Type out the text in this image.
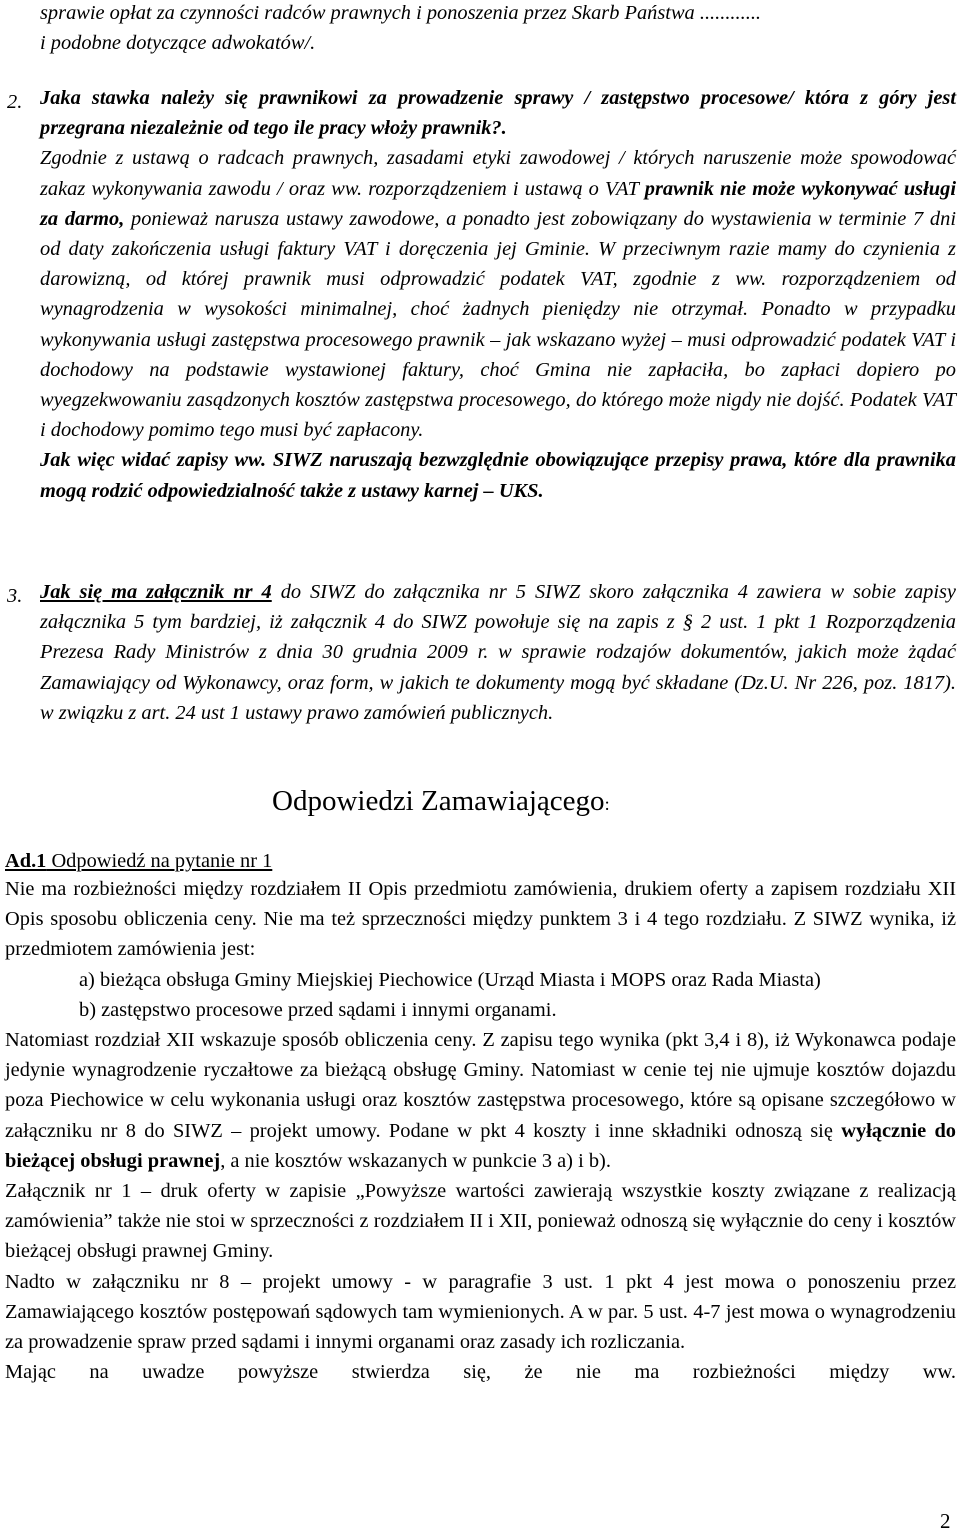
sprawie opłat za czynności radców prawnych i ponoszenia przez Skarb Państwa ............

i podobne dotyczące adwokatów/.

2. Jaka stawka należy się prawnikowi za prowadzenie sprawy / zastępstwo procesowe/ która z góry jest przegrana niezależnie od tego ile pracy włoży prawnik?.

Zgodnie z ustawą o radcach prawnych, zasadami etyki zawodowej / których naruszenie może spowodować zakaz wykonywania zawodu / oraz ww. rozporządzeniem i ustawą o VAT prawnik nie może wykonywać usługi za darmo, ponieważ narusza ustawy zawodowe, a ponadto jest zobowiązany do wystawienia w terminie 7 dni od daty zakończenia usługi faktury VAT i doręczenia jej Gminie. W przeciwnym razie mamy do czynienia z darowizną, od której prawnik musi odprowadzić podatek VAT, zgodnie z ww. rozporządzeniem od wynagrodzenia w wysokości minimalnej, choć żadnych pieniędzy nie otrzymał. Ponadto w przypadku wykonywania usługi zastępstwa procesowego prawnik – jak wskazano wyżej – musi odprowadzić podatek VAT i dochodowy na podstawie wystawionej faktury, choć Gmina nie zapłaciła, bo zapłaci dopiero po wyegzekwowaniu zasądzonych kosztów zastępstwa procesowego, do którego może nigdy nie dojść. Podatek VAT i dochodowy pomimo tego musi być zapłacony.

Jak więc widać zapisy ww. SIWZ naruszają bezwzględnie obowiązujące przepisy prawa, które dla prawnika mogą rodzić odpowiedzialność także z ustawy karnej – UKS.

3. Jak się ma załącznik nr 4 do SIWZ do załącznika nr 5 SIWZ skoro załącznika 4 zawiera w sobie zapisy załącznika 5 tym bardziej, iż załącznik 4 do SIWZ powołuje się na zapis z § 2 ust. 1 pkt 1 Rozporządzenia Prezesa Rady Ministrów z dnia 30 grudnia 2009 r. w sprawie rodzajów dokumentów, jakich może żądać Zamawiający od Wykonawcy, oraz form, w jakich te dokumenty mogą być składane (Dz.U. Nr 226, poz. 1817). w związku z art. 24 ust 1 ustawy prawo zamówień publicznych.

Odpowiedzi Zamawiającego:
Ad.1 Odpowiedź na pytanie nr 1

Nie ma rozbieżności między rozdziałem II Opis przedmiotu zamówienia, drukiem oferty a zapisem rozdziału XII Opis sposobu obliczenia ceny. Nie ma też sprzeczności między punktem 3 i 4 tego rozdziału. Z SIWZ wynika, iż przedmiotem zamówienia jest:

a) bieżąca obsługa Gminy Miejskiej Piechowice (Urząd Miasta i MOPS oraz Rada Miasta)

b) zastępstwo procesowe przed sądami i innymi organami.

Natomiast rozdział XII wskazuje sposób obliczenia ceny. Z zapisu tego wynika (pkt 3,4 i 8), iż Wykonawca podaje jedynie wynagrodzenie ryczałtowe za bieżącą obsługę Gminy. Natomiast w cenie tej nie ujmuje kosztów dojazdu poza Piechowice w celu wykonania usługi oraz kosztów zastępstwa procesowego, które są opisane szczegółowo w załączniku nr 8 do SIWZ – projekt umowy. Podane w pkt 4 koszty i inne składniki odnoszą się wyłącznie do bieżącej obsługi prawnej, a nie kosztów wskazanych w punkcie 3 a) i b).

Załącznik nr 1 – druk oferty w zapisie „Powyższe wartości zawierają wszystkie koszty związane z realizacją zamówienia” także nie stoi w sprzeczności z rozdziałem II i XII, ponieważ odnoszą się wyłącznie do ceny i kosztów bieżącej obsługi prawnej Gminy.

Nadto w załączniku nr 8 – projekt umowy - w paragrafie 3 ust. 1 pkt 4 jest mowa o ponoszeniu przez Zamawiającego kosztów postępowań sądowych tam wymienionych. A w par. 5 ust. 4-7 jest mowa o wynagrodzeniu za prowadzenie spraw przed sądami i innymi organami oraz zasady ich rozliczania.

Mając na uwadze powyższe stwierdza się, że nie ma rozbieżności między ww.

2
